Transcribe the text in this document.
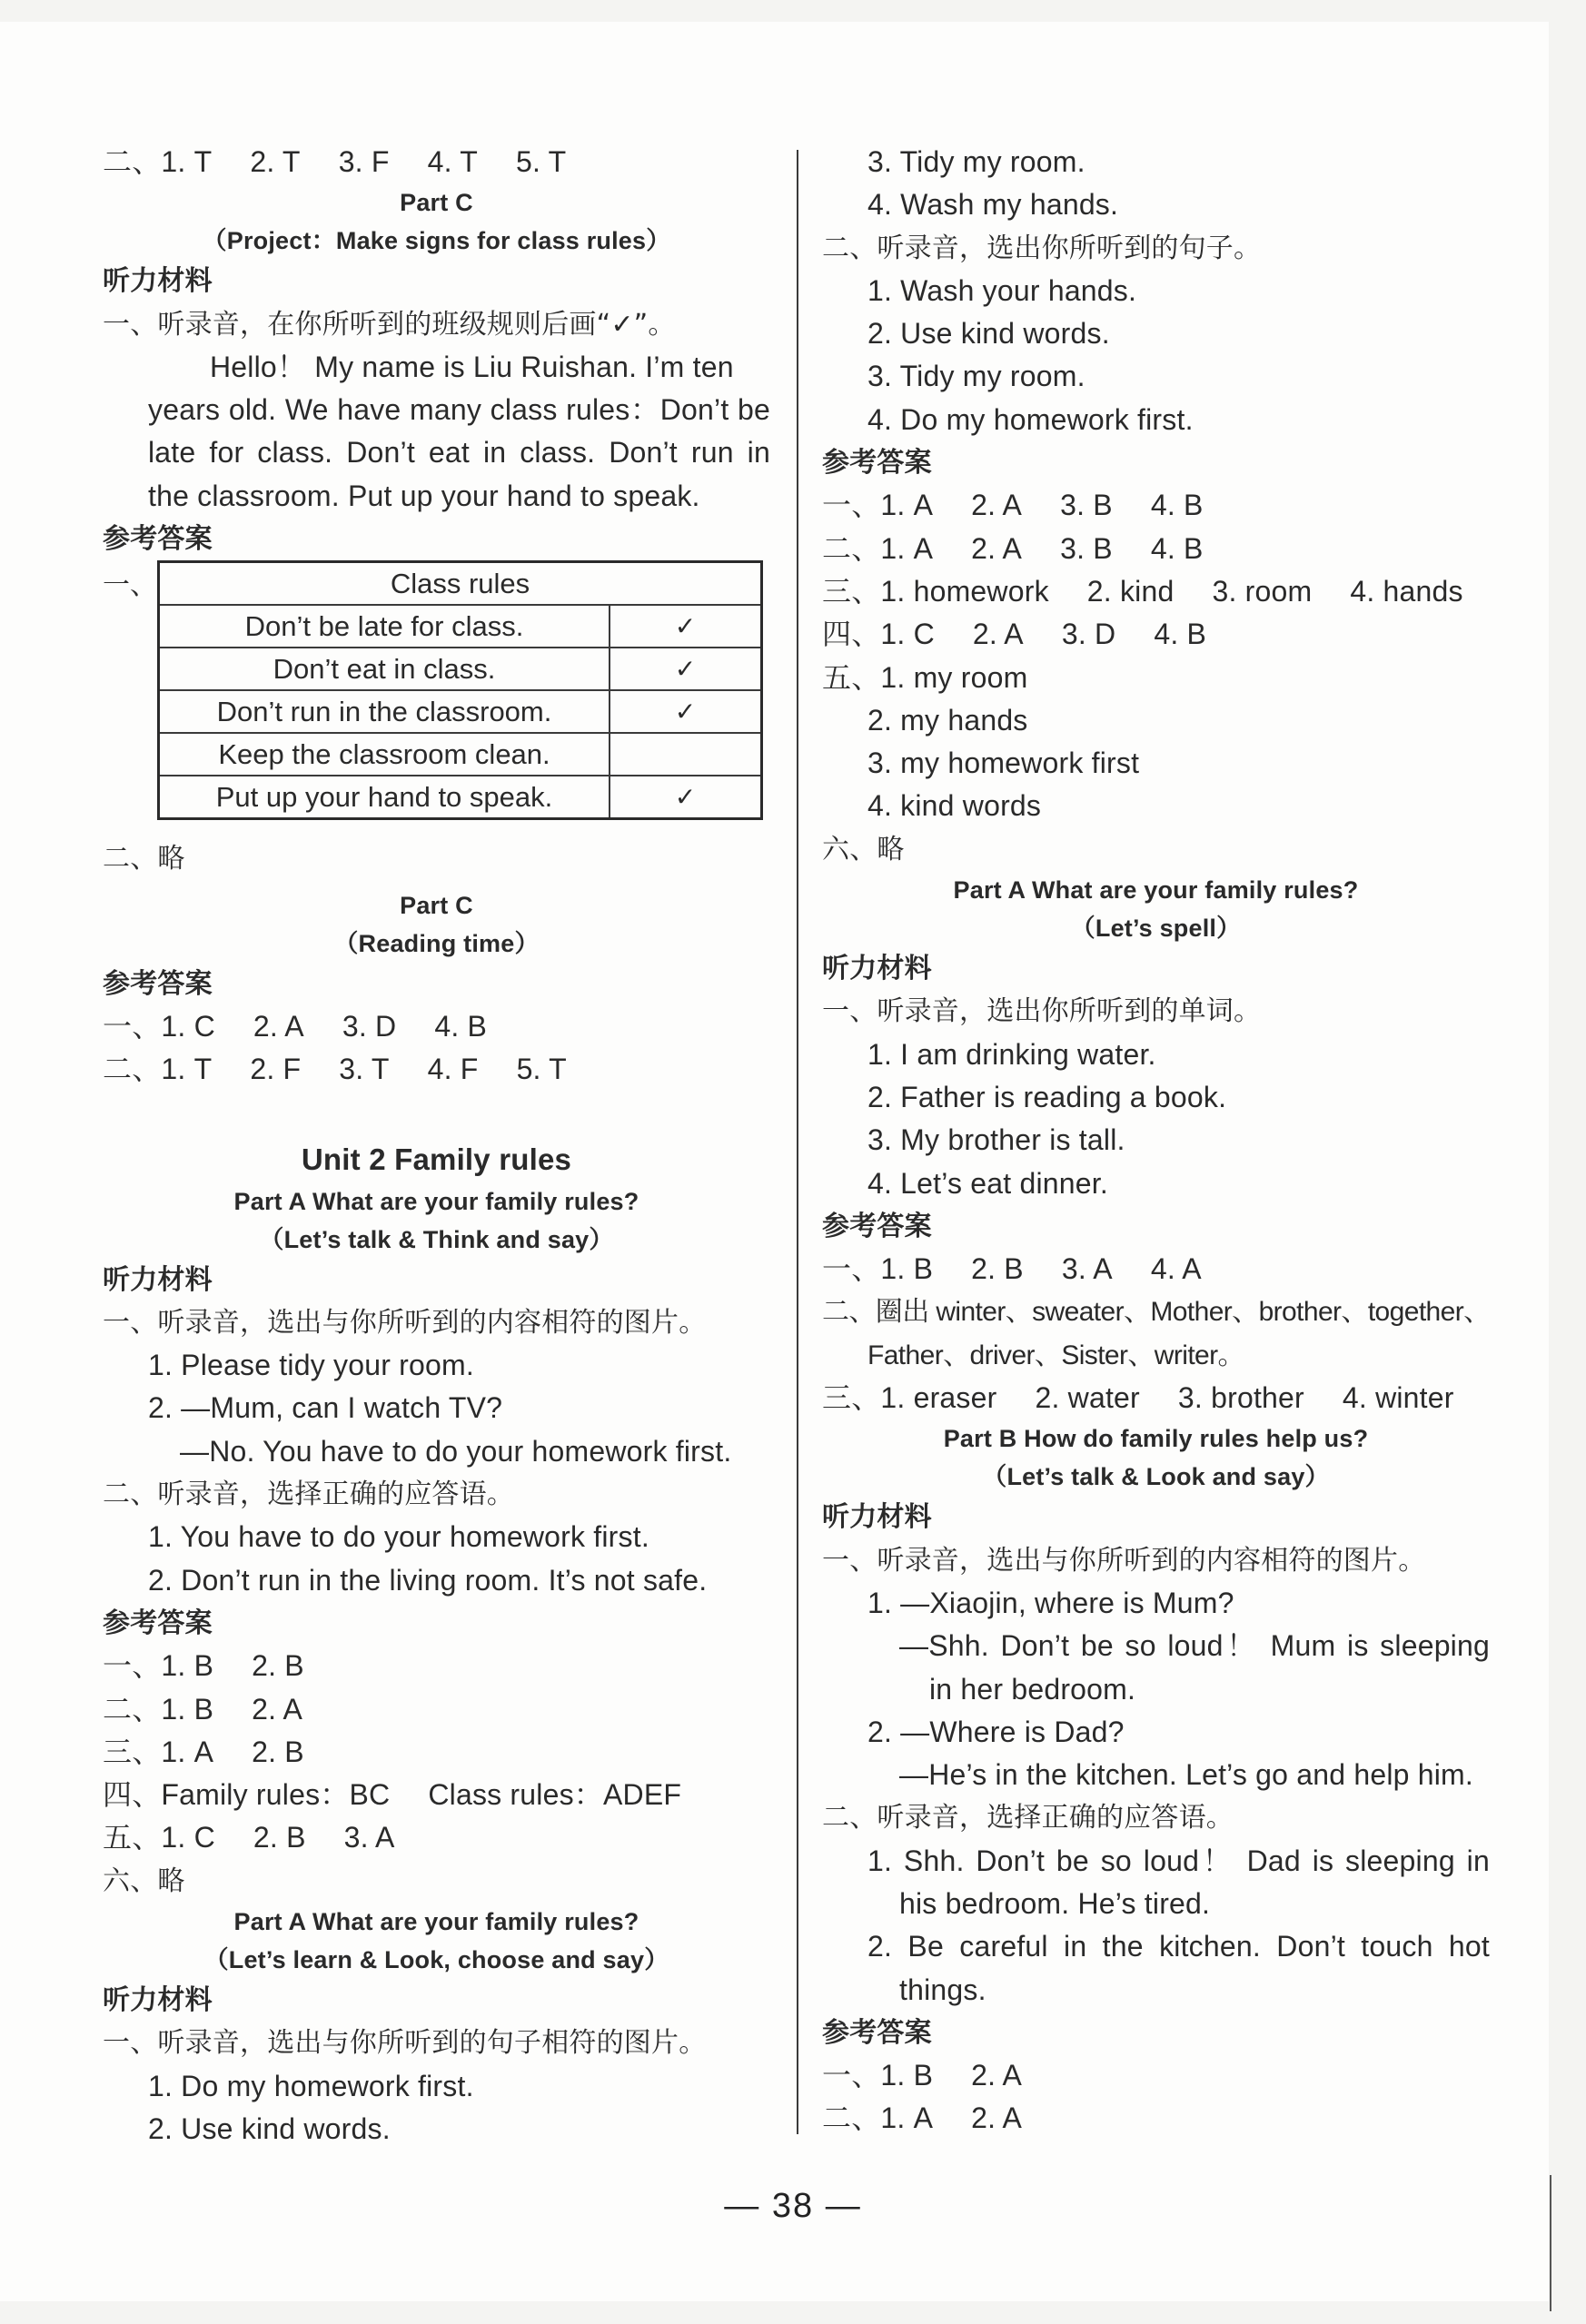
二、1. T 2. T 3. F 4. T 5. T
Part C
（Project：Make signs for class rules）
听力材料
一、听录音，在你所听到的班级规则后画“✓”。
Hello！ My name is Liu Ruishan. I’m ten
years old. We have many class rules：Don’t be
late for class. Don’t eat in class. Don’t run in
the classroom. Put up your hand to speak.
参考答案
一、	Class rules	
Don’t be late for class.	✓
Don’t eat in class.	✓
Don’t run in the classroom.	✓
Keep the classroom clean.	
Put up your hand to speak.	✓
二、略
Part C
（Reading time）
参考答案
一、1. C 2. A 3. D 4. B
二、1. T 2. F 3. T 4. F 5. T
Unit 2 Family rules
Part A What are your family rules?
（Let’s talk & Think and say）
听力材料
一、听录音，选出与你所听到的内容相符的图片。
1. Please tidy your room.
2. —Mum, can I watch TV?
—No. You have to do your homework first.
二、听录音，选择正确的应答语。
1. You have to do your homework first.
2. Don’t run in the living room. It’s not safe.
参考答案
一、1. B 2. B
二、1. B 2. A
三、1. A 2. B
四、Family rules：BC Class rules：ADEF
五、1. C 2. B 3. A
六、略
Part A What are your family rules?
（Let’s learn & Look, choose and say）
听力材料
一、听录音，选出与你所听到的句子相符的图片。
1. Do my homework first.
2. Use kind words.
3. Tidy my room.
4. Wash my hands.
二、听录音，选出你所听到的句子。
1. Wash your hands.
2. Use kind words.
3. Tidy my room.
4. Do my homework first.
参考答案
一、1. A 2. A 3. B 4. B
二、1. A 2. A 3. B 4. B
三、1. homework 2. kind 3. room 4. hands
四、1. C 2. A 3. D 4. B
五、1. my room
2. my hands
3. my homework first
4. kind words
六、略
Part A What are your family rules?
（Let’s spell）
听力材料
一、听录音，选出你所听到的单词。
1. I am drinking water.
2. Father is reading a book.
3. My brother is tall.
4. Let’s eat dinner.
参考答案
一、1. B 2. B 3. A 4. A
二、圈出 winter、sweater、Mother、brother、together、
Father、driver、Sister、writer。
三、1. eraser 2. water 3. brother 4. winter
Part B How do family rules help us?
（Let’s talk & Look and say）
听力材料
一、听录音，选出与你所听到的内容相符的图片。
1. —Xiaojin, where is Mum?
—Shh. Don’t be so loud！ Mum is sleeping
in her bedroom.
2. —Where is Dad?
—He’s in the kitchen. Let’s go and help him.
二、听录音，选择正确的应答语。
1. Shh. Don’t be so loud！ Dad is sleeping in
his bedroom. He’s tired.
2. Be careful in the kitchen. Don’t touch hot
things.
参考答案
一、1. B 2. A
二、1. A 2. A
— 38 —
